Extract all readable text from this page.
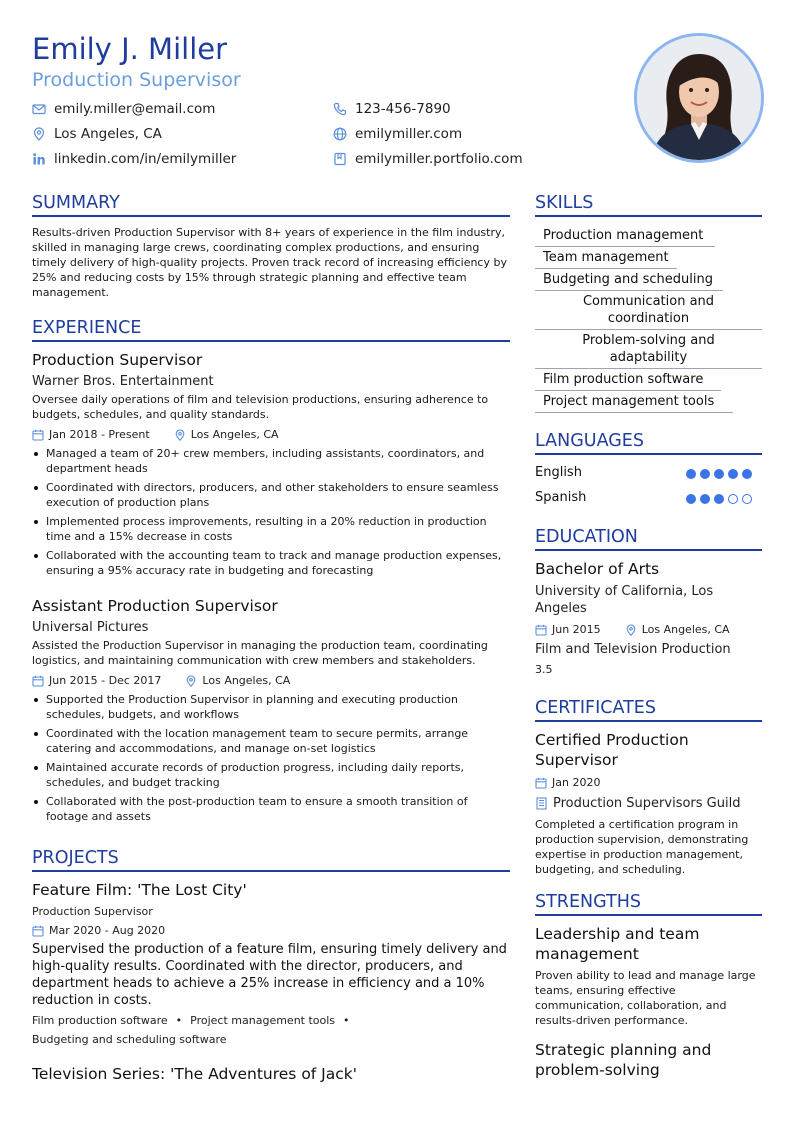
Emily J. Miller
Production Supervisor
emily.miller@email.com	123-456-7890
Los Angeles, CA	emilymiller.com
linkedin.com/in/emilymiller	emilymiller.portfolio.com
SUMMARY
Results-driven Production Supervisor with 8+ years of experience in the film industry, skilled in managing large crews, coordinating complex productions, and ensuring timely delivery of high-quality projects. Proven track record of increasing efficiency by 25% and reducing costs by 15% through strategic planning and effective team management.
EXPERIENCE
Production Supervisor
Warner Bros. Entertainment
Oversee daily operations of film and television productions, ensuring adherence to budgets, schedules, and quality standards.
Jan 2018 - Present	Los Angeles, CA
Managed a team of 20+ crew members, including assistants, coordinators, and department heads
Coordinated with directors, producers, and other stakeholders to ensure seamless execution of production plans
Implemented process improvements, resulting in a 20% reduction in production time and a 15% decrease in costs
Collaborated with the accounting team to track and manage production expenses, ensuring a 95% accuracy rate in budgeting and forecasting
Assistant Production Supervisor
Universal Pictures
Assisted the Production Supervisor in managing the production team, coordinating logistics, and maintaining communication with crew members and stakeholders.
Jun 2015 - Dec 2017	Los Angeles, CA
Supported the Production Supervisor in planning and executing production schedules, budgets, and workflows
Coordinated with the location management team to secure permits, arrange catering and accommodations, and manage on-set logistics
Maintained accurate records of production progress, including daily reports, schedules, and budget tracking
Collaborated with the post-production team to ensure a smooth transition of footage and assets
PROJECTS
Feature Film: 'The Lost City'
Production Supervisor
Mar 2020 - Aug 2020
Supervised the production of a feature film, ensuring timely delivery and high-quality results. Coordinated with the director, producers, and department heads to achieve a 25% increase in efficiency and a 10% reduction in costs.
Film production software • Project management tools •
Budgeting and scheduling software
Television Series: 'The Adventures of Jack'
SKILLS
Production management
Team management
Budgeting and scheduling
Communication and coordination
Problem-solving and adaptability
Film production software
Project management tools
LANGUAGES
English
Spanish
EDUCATION
Bachelor of Arts
University of California, Los Angeles
Jun 2015	Los Angeles, CA
Film and Television Production
3.5
CERTIFICATES
Certified Production Supervisor
Jan 2020
Production Supervisors Guild
Completed a certification program in production supervision, demonstrating expertise in production management, budgeting, and scheduling.
STRENGTHS
Leadership and team management
Proven ability to lead and manage large teams, ensuring effective communication, collaboration, and results-driven performance.
Strategic planning and problem-solving
